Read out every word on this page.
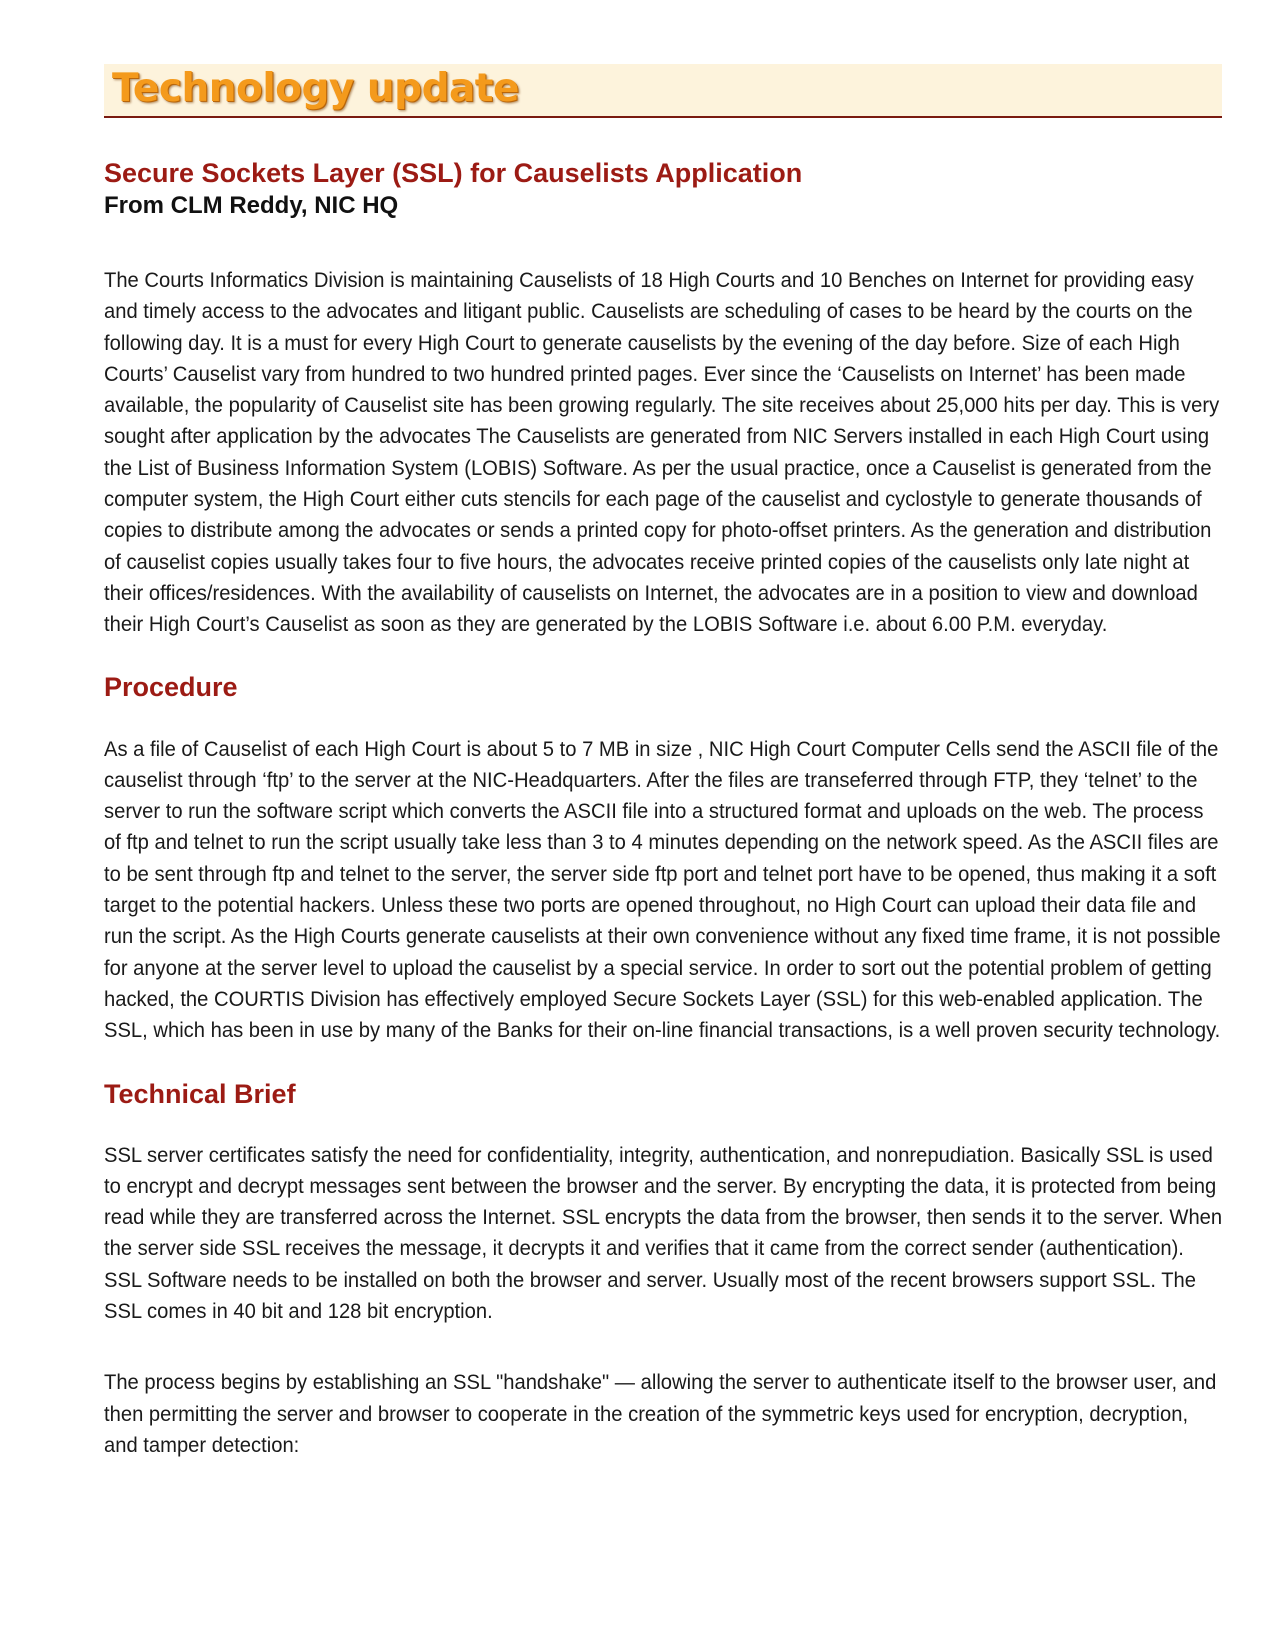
Technology update
Secure Sockets Layer (SSL) for Causelists Application
From CLM Reddy, NIC HQ

The Courts Informatics Division is maintaining Causelists of 18 High Courts and 10 Benches on Internet for providing easy and timely access to the advocates and litigant public. Causelists are scheduling of cases to be heard by the courts on the following day. It is a must for every High Court to generate causelists by the evening of the day before. Size of each High Courts’ Causelist vary from hundred to two hundred printed pages. Ever since the ‘Causelists on Internet’ has been made available, the popularity of Causelist site has been growing regularly. The site receives about 25,000 hits per day. This is very sought after application by the advocates The Causelists are generated from NIC Servers installed in each High Court using the List of Business Information System (LOBIS) Software. As per the usual practice, once a Causelist is generated from the computer system, the High Court either cuts stencils for each page of the causelist and cyclostyle to generate thousands of copies to distribute among the advocates or sends a printed copy for photo-offset printers. As the generation and distribution of causelist copies usually takes four to five hours, the advocates receive printed copies of the causelists only late night at their offices/residences. With the availability of causelists on Internet, the advocates are in a position to view and download their High Court’s Causelist as soon as they are generated by the LOBIS Software i.e. about 6.00 P.M. everyday.

Procedure

As a file of Causelist of each High Court is about 5 to 7 MB in size , NIC High Court Computer Cells send the ASCII file of the causelist through ‘ftp’ to the server at the NIC-Headquarters. After the files are transeferred through FTP, they ‘telnet’ to the server to run the software script which converts the ASCII file into a structured format and uploads on the web. The process of ftp and telnet to run the script usually take less than 3 to 4 minutes depending on the network speed. As the ASCII files are to be sent through ftp and telnet to the server, the server side ftp port and telnet port have to be opened, thus making it a soft target to the potential hackers. Unless these two ports are opened throughout, no High Court can upload their data file and run the script. As the High Courts generate causelists at their own convenience without any fixed time frame, it is not possible for anyone at the server level to upload the causelist by a special service. In order to sort out the potential problem of getting hacked, the COURTIS Division has effectively employed Secure Sockets Layer (SSL) for this web-enabled application. The SSL, which has been in use by many of the Banks for their on-line financial transactions, is a well proven security technology.

Technical Brief

SSL server certificates satisfy the need for confidentiality, integrity, authentication, and nonrepudiation. Basically SSL is used to encrypt and decrypt messages sent between the browser and the server. By encrypting the data, it is protected from being read while they are transferred across the Internet. SSL encrypts the data from the browser, then sends it to the server. When the server side SSL receives the message, it decrypts it and verifies that it came from the correct sender (authentication). SSL Software needs to be installed on both the browser and server. Usually most of the recent browsers support SSL. The SSL comes in 40 bit and 128 bit encryption.

The process begins by establishing an SSL "handshake" — allowing the server to authenticate itself to the browser user, and then permitting the server and browser to cooperate in the creation of the symmetric keys used for encryption, decryption, and tamper detection:
